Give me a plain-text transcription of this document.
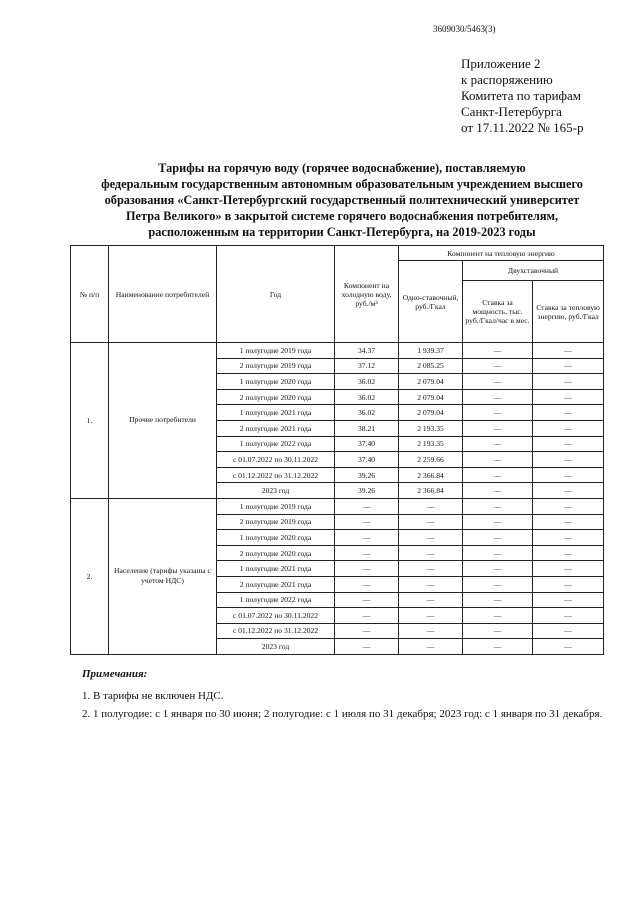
3609030/5463(3)
Приложение 2
к распоряжению
Комитета по тарифам
Санкт-Петербурга
от 17.11.2022 № 165-р
Тарифы на горячую воду (горячее водоснабжение), поставляемую
федеральным государственным автономным образовательным учреждением высшего
образования «Санкт-Петербургский государственный политехнический университет
Петра Великого» в закрытой системе горячего водоснабжения потребителям,
расположенным на территории Санкт-Петербурга, на 2019-2023 годы
№ п/п	Наименование потребителей	Год	Компонент на холодную воду, руб./м³	Компонент на тепловую энергию		
				Одно-ставочный, руб./Гкал	Двухставочный	
					Ставка за мощность, тыс. руб./Гкал/час в мес.	Ставка за тепловую энергию, руб./Гкал
1.	Прочие потребители	1 полугодие 2019 года	34.37	1 939.37	—	—
		2 полугодие 2019 года	37.12	2 085.25	—	—
		1 полугодие 2020 года	36.02	2 079.04	—	—
		2 полугодие 2020 года	36.02	2 079.04	—	—
		1 полугодие 2021 года	36.02	2 079.04	—	—
		2 полугодие 2021 года	38.21	2 193.35	—	—
		1 полугодие 2022 года	37.40	2 193.35	—	—
		с 01.07.2022 по 30.11.2022	37.40	2 259.66	—	—
		с 01.12.2022 по 31.12.2022	39.26	2 366.84	—	—
		2023 год	39.26	2 366.84	—	—
2.	Население (тарифы указаны с учетом НДС)	1 полугодие 2019 года	—	—	—	—
		2 полугодие 2019 года	—	—	—	—
		1 полугодие 2020 года	—	—	—	—
		2 полугодие 2020 года	—	—	—	—
		1 полугодие 2021 года	—	—	—	—
		2 полугодие 2021 года	—	—	—	—
		1 полугодие 2022 года	—	—	—	—
		с 01.07.2022 по 30.11.2022	—	—	—	—
		с 01.12.2022 по 31.12.2022	—	—	—	—
		2023 год	—	—	—	—
Примечания:
1. В тарифы не включен НДС.
2. 1 полугодие: с 1 января по 30 июня; 2 полугодие: с 1 июля по 31 декабря; 2023 год: с 1 января по 31 декабря.
